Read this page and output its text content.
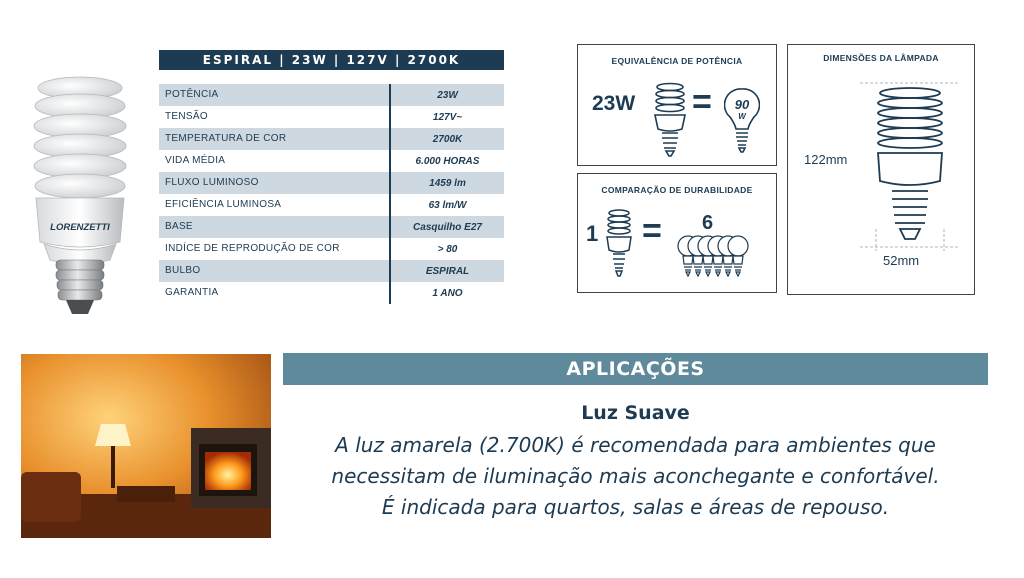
LORENZETTI
ESPIRAL | 23W | 127V | 2700K
POTÊNCIA	23W
TENSÃO	127V~
TEMPERATURA DE COR	2700K
VIDA MÉDIA	6.000 HORAS
FLUXO LUMINOSO	1459 lm
EFICIÊNCIA LUMINOSA	63 lm/W
BASE	Casquilho E27
INDÍCE DE REPRODUÇÃO DE COR	> 80
BULBO	ESPIRAL
GARANTIA	1 ANO
EQUIVALÊNCIA DE POTÊNCIA
23W = 90
W
COMPARAÇÃO DE DURABILIDADE
1 = 6
DIMENSÕES DA LÂMPADA
122mm
52mm
APLICAÇÕES
Luz Suave
A luz amarela (2.700K) é recomendada para ambientes que
necessitam de iluminação mais aconchegante e confortável.
É indicada para quartos, salas e áreas de repouso.
